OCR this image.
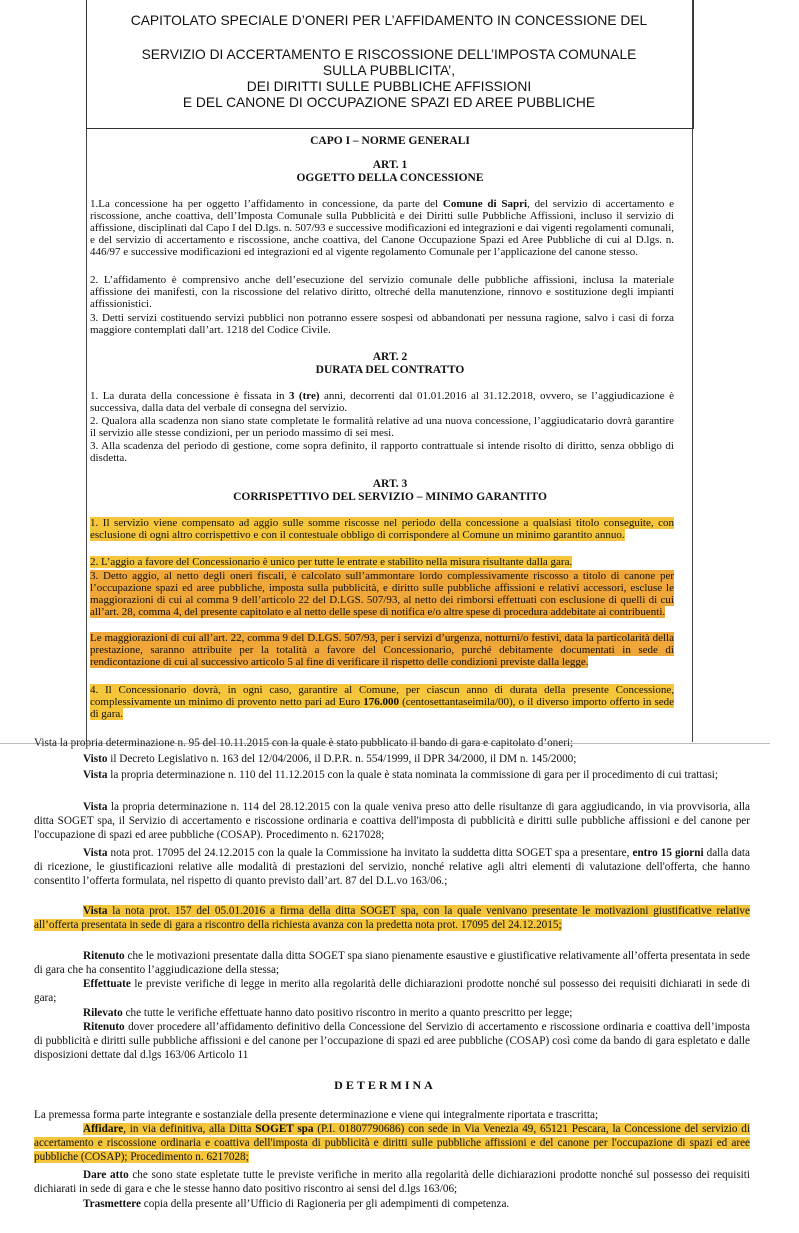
CAPITOLATO SPECIALE D’ONERI PER L’AFFIDAMENTO IN CONCESSIONE DEL
SERVIZIO DI ACCERTAMENTO E RISCOSSIONE DELL’IMPOSTA COMUNALE
SULLA PUBBLICITA’,
DEI DIRITTI SULLE PUBBLICHE AFFISSIONI
E DEL CANONE DI OCCUPAZIONE SPAZI ED AREE PUBBLICHE
CAPO I – NORME GENERALI
ART. 1
OGGETTO DELLA CONCESSIONE
1.La concessione ha per oggetto l’affidamento in concessione, da parte del Comune di Sapri, del servizio di accertamento e riscossione, anche coattiva, dell’Imposta Comunale sulla Pubblicità e dei Diritti sulle Pubbliche Affissioni, incluso il servizio di affissione, disciplinati dal Capo I del D.lgs. n. 507/93 e successive modificazioni ed integrazioni e dai vigenti regolamenti comunali, e del servizio di accertamento e riscossione, anche coattiva, del Canone Occupazione Spazi ed Aree Pubbliche di cui al D.lgs. n. 446/97 e successive modificazioni ed integrazioni ed al vigente regolamento Comunale per l’applicazione del canone stesso.
2. L’affidamento è comprensivo anche dell’esecuzione del servizio comunale delle pubbliche affissioni, inclusa la materiale affissione dei manifesti, con la riscossione del relativo diritto, oltreché della manutenzione, rinnovo e sostituzione degli impianti affissionistici.
3. Detti servizi costituendo servizi pubblici non potranno essere sospesi od abbandonati per nessuna ragione, salvo i casi di forza maggiore contemplati dall’art. 1218 del Codice Civile.
ART. 2
DURATA DEL CONTRATTO
1. La durata della concessione è fissata in 3 (tre) anni, decorrenti dal 01.01.2016 al 31.12.2018, ovvero, se l’aggiudicazione è successiva, dalla data del verbale di consegna del servizio.
2. Qualora alla scadenza non siano state completate le formalità relative ad una nuova concessione, l’aggiudicatario dovrà garantire il servizio alle stesse condizioni, per un periodo massimo di sei mesi.
3. Alla scadenza del periodo di gestione, come sopra definito, il rapporto contrattuale si intende risolto di diritto, senza obbligo di disdetta.
ART. 3
CORRISPETTIVO DEL SERVIZIO – MINIMO GARANTITO
1. Il servizio viene compensato ad aggio sulle somme riscosse nel periodo della concessione a qualsiasi titolo conseguite, con esclusione di ogni altro corrispettivo e con il contestuale obbligo di corrispondere al Comune un minimo garantito annuo.
2. L’aggio a favore del Concessionario è unico per tutte le entrate e stabilito nella misura risultante dalla gara.
3. Detto aggio, al netto degli oneri fiscali, è calcolato sull’ammontare lordo complessivamente riscosso a titolo di canone per l’occupazione spazi ed aree pubbliche, imposta sulla pubblicità, e diritto sulle pubbliche affissioni e relativi accessori, escluse le maggiorazioni di cui al comma 9 dell’articolo 22 del D.LGS. 507/93, al netto dei rimborsi effettuati con esclusione di quelli di cui all’art. 28, comma 4, del presente capitolato e al netto delle spese di notifica e/o altre spese di procedura addebitate ai contribuenti.
Le maggiorazioni di cui all’art. 22, comma 9 del D.LGS. 507/93, per i servizi d’urgenza, notturni/o festivi, data la particolarità della prestazione, saranno attribuite per la totalità a favore del Concessionario, purché debitamente documentati in sede di rendicontazione di cui al successivo articolo 5 al fine di verificare il rispetto delle condizioni previste dalla legge.
4. Il Concessionario dovrà, in ogni caso, garantire al Comune, per ciascun anno di durata della presente Concessione, complessivamente un minimo di provento netto pari ad Euro 176.000 (centosettantaseimila/00), o il diverso importo offerto in sede di gara.
Vista la propria determinazione n. 95 del 10.11.2015 con la quale è stato pubblicato il bando di gara e capitolato d’oneri;
Visto il Decreto Legislativo n. 163 del 12/04/2006, il D.P.R. n. 554/1999, il DPR 34/2000, il DM n. 145/2000;
Vista la propria determinazione n. 110 del 11.12.2015 con la quale è stata nominata la commissione di gara per il procedimento di cui trattasi;
Vista la propria determinazione n. 114 del 28.12.2015 con la quale veniva preso atto delle risultanze di gara aggiudicando, in via provvisoria, alla ditta SOGET spa, il Servizio di accertamento e riscossione ordinaria e coattiva dell'imposta di pubblicità e diritti sulle pubbliche affissioni e del canone per l'occupazione di spazi ed aree pubbliche (COSAP). Procedimento n. 6217028;
Vista nota prot. 17095 del 24.12.2015 con la quale la Commissione ha invitato la suddetta ditta SOGET spa a presentare, entro 15 giorni dalla data di ricezione, le giustificazioni relative alle modalità di prestazioni del servizio, nonché relative agli altri elementi di valutazione dell'offerta, che hanno consentito l’offerta formulata, nel rispetto di quanto previsto dall’art. 87 del D.L.vo 163/06.;
Vista la nota prot. 157 del 05.01.2016 a firma della ditta SOGET spa, con la quale venivano presentate le motivazioni giustificative relative all’offerta presentata in sede di gara a riscontro della richiesta avanza con la predetta nota prot. 17095 del 24.12.2015;
Ritenuto che le motivazioni presentate dalla ditta SOGET spa siano pienamente esaustive e giustificative relativamente all’offerta presentata in sede di gara che ha consentito l’aggiudicazione della stessa;
Effettuate le previste verifiche di legge in merito alla regolarità delle dichiarazioni prodotte nonché sul possesso dei requisiti dichiarati in sede di gara;
Rilevato che tutte le verifiche effettuate hanno dato positivo riscontro in merito a quanto prescritto per legge;
Ritenuto dover procedere all’affidamento definitivo della Concessione del Servizio di accertamento e riscossione ordinaria e coattiva dell’imposta di pubblicità e diritti sulle pubbliche affissioni e del canone per l’occupazione di spazi ed aree pubbliche (COSAP) così come da bando di gara espletato e dalle disposizioni dettate dal d.lgs 163/06 Articolo 11
DETERMINA
La premessa forma parte integrante e sostanziale della presente determinazione e viene qui integralmente riportata e trascritta;
Affidare, in via definitiva, alla Ditta SOGET spa (P.I. 01807790686) con sede in Via Venezia 49, 65121 Pescara, la Concessione del servizio di accertamento e riscossione ordinaria e coattiva dell'imposta di pubblicità e diritti sulle pubbliche affissioni e del canone per l'occupazione di spazi ed aree pubbliche (COSAP); Procedimento n. 6217028;
Dare atto che sono state espletate tutte le previste verifiche in merito alla regolarità delle dichiarazioni prodotte nonché sul possesso dei requisiti dichiarati in sede di gara e che le stesse hanno dato positivo riscontro ai sensi del d.lgs 163/06;
Trasmettere copia della presente all’Ufficio di Ragioneria per gli adempimenti di competenza.
